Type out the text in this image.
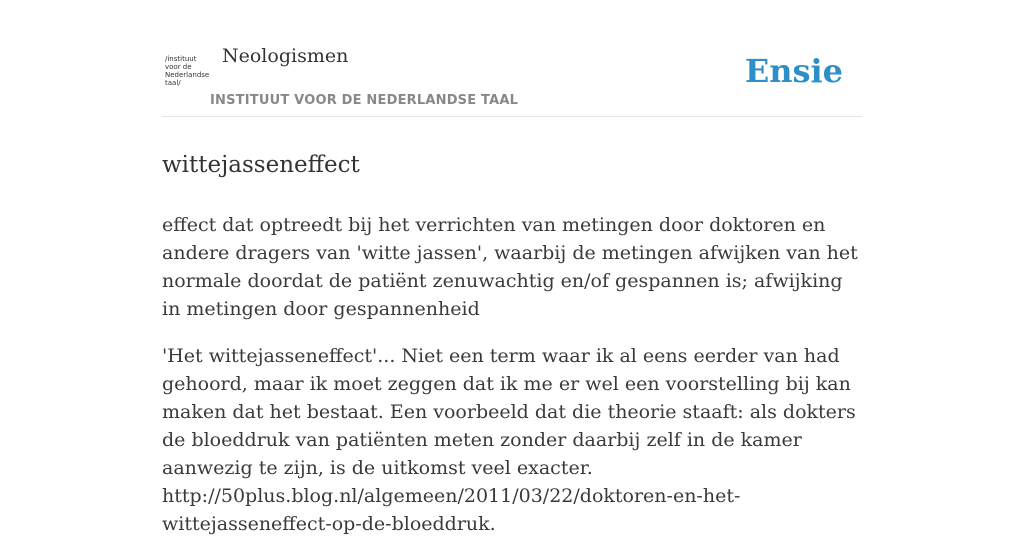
/instituut
voor de
Nederlandse
taal/
Neologismen
INSTITUUT VOOR DE NEDERLANDSE TAAL
Ensie
wittejasseneffect

effect dat optreedt bij het verrichten van metingen door doktoren en andere dragers van 'witte jassen', waarbij de metingen afwijken van het normale doordat de patiënt zenuwachtig en/of gespannen is; afwijking in metingen door gespannenheid

'Het wittejasseneffect'... Niet een term waar ik al eens eerder van had gehoord, maar ik moet zeggen dat ik me er wel een voorstelling bij kan maken dat het bestaat. Een voorbeeld dat die theorie staaft: als dokters de bloeddruk van patiënten meten zonder daarbij zelf in de kamer aanwezig te zijn, is de uitkomst veel exacter. http://50plus.blog.nl/algemeen/2011/03/22/doktoren-en-het-wittejasseneffect-op-de-bloeddruk.
